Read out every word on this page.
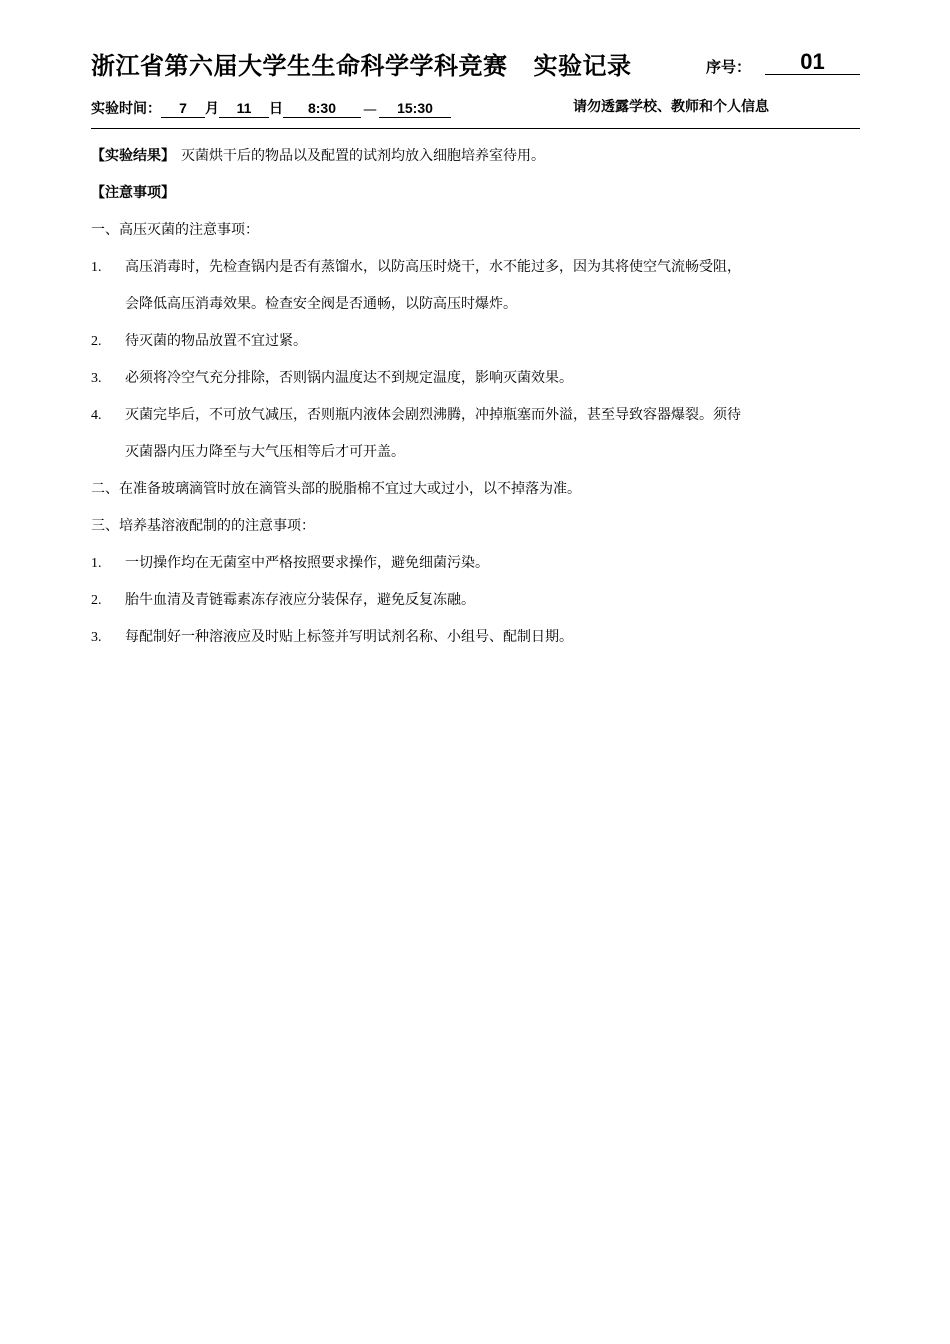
浙江省第六届大学生生命科学学科竞赛 实验记录	序号：	01
实验时间：	7	月	11	日	8:30	—	15:30	请勿透露学校、教师和个人信息
【实验结果】 灭菌烘干后的物品以及配置的试剂均放入细胞培养室待用。
【注意事项】
一、高压灭菌的注意事项：
1. 高压消毒时，先检查锅内是否有蒸馏水，以防高压时烧干，水不能过多，因为其将使空气流畅受阻，
会降低高压消毒效果。检查安全阀是否通畅，以防高压时爆炸。
2. 待灭菌的物品放置不宜过紧。
3. 必须将冷空气充分排除，否则锅内温度达不到规定温度，影响灭菌效果。
4. 灭菌完毕后，不可放气减压，否则瓶内液体会剧烈沸腾，冲掉瓶塞而外溢，甚至导致容器爆裂。须待
灭菌器内压力降至与大气压相等后才可开盖。
二、在准备玻璃滴管时放在滴管头部的脱脂棉不宜过大或过小，以不掉落为准。
三、培养基溶液配制的的注意事项：
1. 一切操作均在无菌室中严格按照要求操作，避免细菌污染。
2. 胎牛血清及青链霉素冻存液应分装保存，避免反复冻融。
3. 每配制好一种溶液应及时贴上标签并写明试剂名称、小组号、配制日期。
